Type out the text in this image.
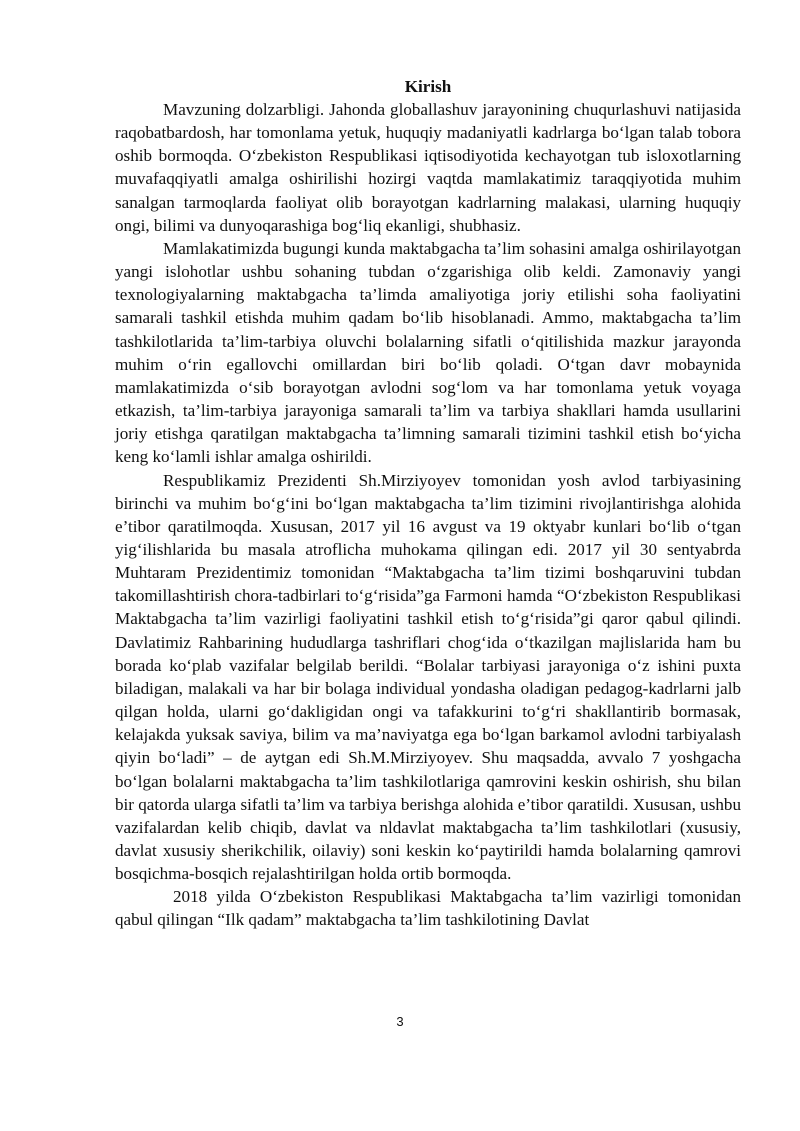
Kirish

Mavzuning dolzarbligi. Jahonda globallashuv jarayonining chuqurlashuvi natijasida raqobatbardosh, har tomonlama yetuk, huquqiy madaniyatli kadrlarga bo‘lgan talab tobora oshib bormoqda. O‘zbekiston Respublikasi iqtisodiyotida kechayotgan tub isloxotlarning muvafaqqiyatli amalga oshirilishi hozirgi vaqtda mamlakatimiz taraqqiyotida muhim sanalgan tarmoqlarda faoliyat olib borayotgan kadrlarning malakasi, ularning huquqiy ongi, bilimi va dunyoqarashiga bog‘liq ekanligi, shubhasiz.

Mamlakatimizda bugungi kunda maktabgacha ta’lim sohasini amalga oshirilayotgan yangi islohotlar ushbu sohaning tubdan o‘zgarishiga olib keldi. Zamonaviy yangi texnologiyalarning maktabgacha ta’limda amaliyotiga joriy etilishi soha faoliyatini samarali tashkil etishda muhim qadam bo‘lib hisoblanadi. Ammo, maktabgacha ta’lim tashkilotlarida ta’lim-tarbiya oluvchi bolalarning sifatli o‘qitilishida mazkur jarayonda muhim o‘rin egallovchi omillardan biri bo‘lib qoladi. O‘tgan davr mobaynida mamlakatimizda o‘sib borayotgan avlodni sog‘lom va har tomonlama yetuk voyaga etkazish, ta’lim-tarbiya jarayoniga samarali ta’lim va tarbiya shakllari hamda usullarini joriy etishga qaratilgan maktabgacha ta’limning samarali tizimini tashkil etish bo‘yicha keng ko‘lamli ishlar amalga oshirildi.

Respublikamiz Prezidenti Sh.Mirziyoyev tomonidan yosh avlod tarbiyasining birinchi va muhim bo‘g‘ini bo‘lgan maktabgacha ta’lim tizimini rivojlantirishga alohida e’tibor qaratilmoqda. Xususan, 2017 yil 16 avgust va 19 oktyabr kunlari bo‘lib o‘tgan yig‘ilishlarida bu masala atroflicha muhokama qilingan edi. 2017 yil 30 sentyabrda Muhtaram Prezidentimiz tomonidan “Maktabgacha ta’lim tizimi boshqaruvini tubdan takomillashtirish chora-tadbirlari to‘g‘risida”ga Farmoni hamda “O‘zbekiston Respublikasi Maktabgacha ta’lim vazirligi faoliyatini tashkil etish to‘g‘risida”gi qaror qabul qilindi. Davlatimiz Rahbarining hududlarga tashriflari chog‘ida o‘tkazilgan majlislarida ham bu borada ko‘plab vazifalar belgilab berildi. “Bolalar tarbiyasi jarayoniga o‘z ishini puxta biladigan, malakali va har bir bolaga individual yondasha oladigan pedagog-kadrlarni jalb qilgan holda, ularni go‘dakligidan ongi va tafakkurini to‘g‘ri shakllantirib bormasak, kelajakda yuksak saviya, bilim va ma’naviyatga ega bo‘lgan barkamol avlodni tarbiyalash qiyin bo‘ladi” – de aytgan edi Sh.M.Mirziyoyev. Shu maqsadda, avvalo 7 yoshgacha bo‘lgan bolalarni maktabgacha ta’lim tashkilotlariga qamrovini keskin oshirish, shu bilan bir qatorda ularga sifatli ta’lim va tarbiya berishga alohida e’tibor qaratildi. Xususan, ushbu vazifalardan kelib chiqib, davlat va nldavlat maktabgacha ta’lim tashkilotlari (xususiy, davlat xususiy sherikchilik, oilaviy) soni keskin ko‘paytirildi hamda bolalarning qamrovi bosqichma-bosqich rejalashtirilgan holda ortib bormoqda.

2018 yilda O‘zbekiston Respublikasi Maktabgacha ta’lim vazirligi tomonidan qabul qilingan “Ilk qadam” maktabgacha ta’lim tashkilotining Davlat

3
